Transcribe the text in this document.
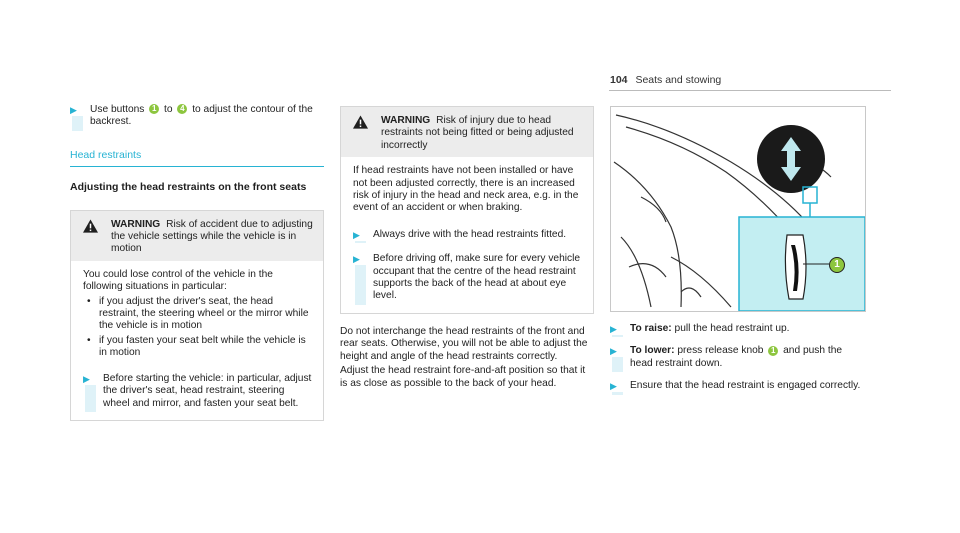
104 Seats and stowing
▶ Use buttons 1 to 4 to adjust the contour of the backrest.
Head restraints
Adjusting the head restraints on the front seats
WARNING Risk of accident due to adjusting the vehicle settings while the vehicle is in motion
You could lose control of the vehicle in the following situations in particular:
• if you adjust the driver's seat, the head restraint, the steering wheel or the mirror while the vehicle is in motion
• if you fasten your seat belt while the vehicle is in motion
▶ Before starting the vehicle: in particular, adjust the driver's seat, head restraint, steering wheel and mirror, and fasten your seat belt.
WARNING Risk of injury due to head restraints not being fitted or being adjusted incorrectly
If head restraints have not been installed or have not been adjusted correctly, there is an increased risk of injury in the head and neck area, e.g. in the event of an accident or when braking.
▶ Always drive with the head restraints fitted.
▶ Before driving off, make sure for every vehicle occupant that the centre of the head restraint supports the back of the head at about eye level.
Do not interchange the head restraints of the front and rear seats. Otherwise, you will not be able to adjust the height and angle of the head restraints correctly.
Adjust the head restraint fore-and-aft position so that it is as close as possible to the back of your head.
1
▶ To raise: pull the head restraint up.
▶ To lower: press release knob 1 and push the head restraint down.
▶ Ensure that the head restraint is engaged correctly.
